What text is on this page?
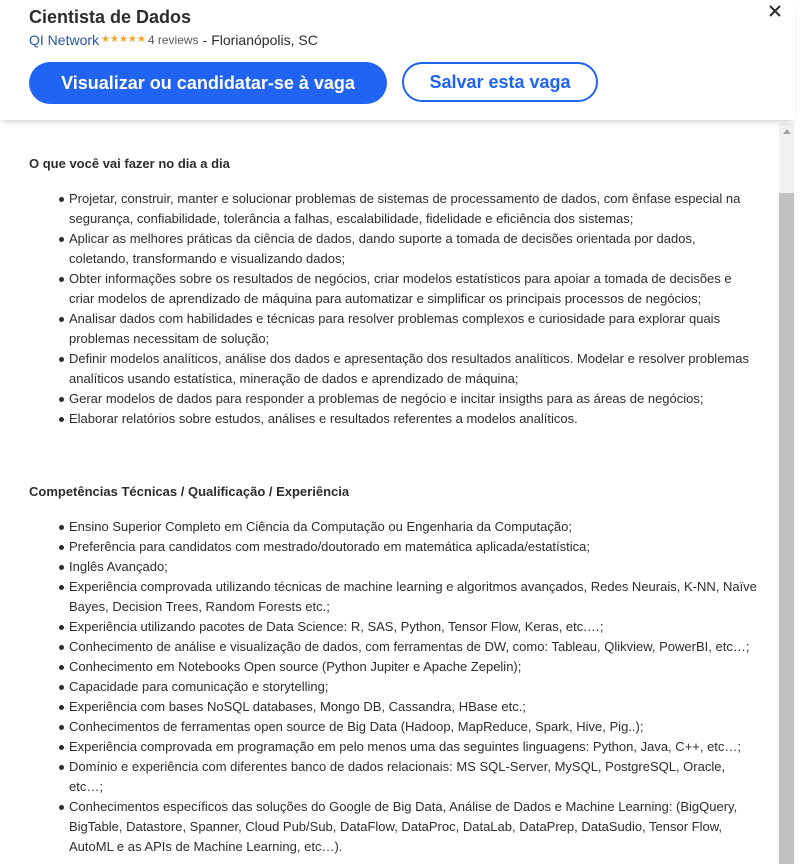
Cientista de Dados
QI Network ★★★★★ 4 reviews - Florianópolis, SC
Visualizar ou candidatar-se à vaga	Salvar esta vaga
O que você vai fazer no dia a dia
Projetar, construir, manter e solucionar problemas de sistemas de processamento de dados, com ênfase especial na segurança, confiabilidade, tolerância a falhas, escalabilidade, fidelidade e eficiência dos sistemas;
Aplicar as melhores práticas da ciência de dados, dando suporte a tomada de decisões orientada por dados, coletando, transformando e visualizando dados;
Obter informações sobre os resultados de negócios, criar modelos estatísticos para apoiar a tomada de decisões e criar modelos de aprendizado de máquina para automatizar e simplificar os principais processos de negócios;
Analisar dados com habilidades e técnicas para resolver problemas complexos e curiosidade para explorar quais problemas necessitam de solução;
Definir modelos analíticos, análise dos dados e apresentação dos resultados analíticos. Modelar e resolver problemas analíticos usando estatística, mineração de dados e aprendizado de máquina;
Gerar modelos de dados para responder a problemas de negócio e incitar insigths para as áreas de negócios;
Elaborar relatórios sobre estudos, análises e resultados referentes a modelos analíticos.
Competências Técnicas / Qualificação / Experiência
Ensino Superior Completo em Ciência da Computação ou Engenharia da Computação;
Preferência para candidatos com mestrado/doutorado em matemática aplicada/estatística;
Inglês Avançado;
Experiência comprovada utilizando técnicas de machine learning e algoritmos avançados, Redes Neurais, K-NN, Naïve Bayes, Decision Trees, Random Forests etc.;
Experiência utilizando pacotes de Data Science: R, SAS, Python, Tensor Flow, Keras, etc.…;
Conhecimento de análise e visualização de dados, com ferramentas de DW, como: Tableau, Qlikview, PowerBI, etc…;
Conhecimento em Notebooks Open source (Python Jupiter e Apache Zepelin);
Capacidade para comunicação e storytelling;
Experiência com bases NoSQL databases, Mongo DB, Cassandra, HBase etc.;
Conhecimentos de ferramentas open source de Big Data (Hadoop, MapReduce, Spark, Hive, Pig..);
Experiência comprovada em programação em pelo menos uma das seguintes linguagens: Python, Java, C++, etc…;
Domínio e experiência com diferentes banco de dados relacionais: MS SQL-Server, MySQL, PostgreSQL, Oracle, etc…;
Conhecimentos específicos das soluções do Google de Big Data, Análise de Dados e Machine Learning: (BigQuery, BigTable, Datastore, Spanner, Cloud Pub/Sub, DataFlow, DataProc, DataLab, DataPrep, DataSudio, Tensor Flow, AutoML e as APIs de Machine Learning, etc…).
